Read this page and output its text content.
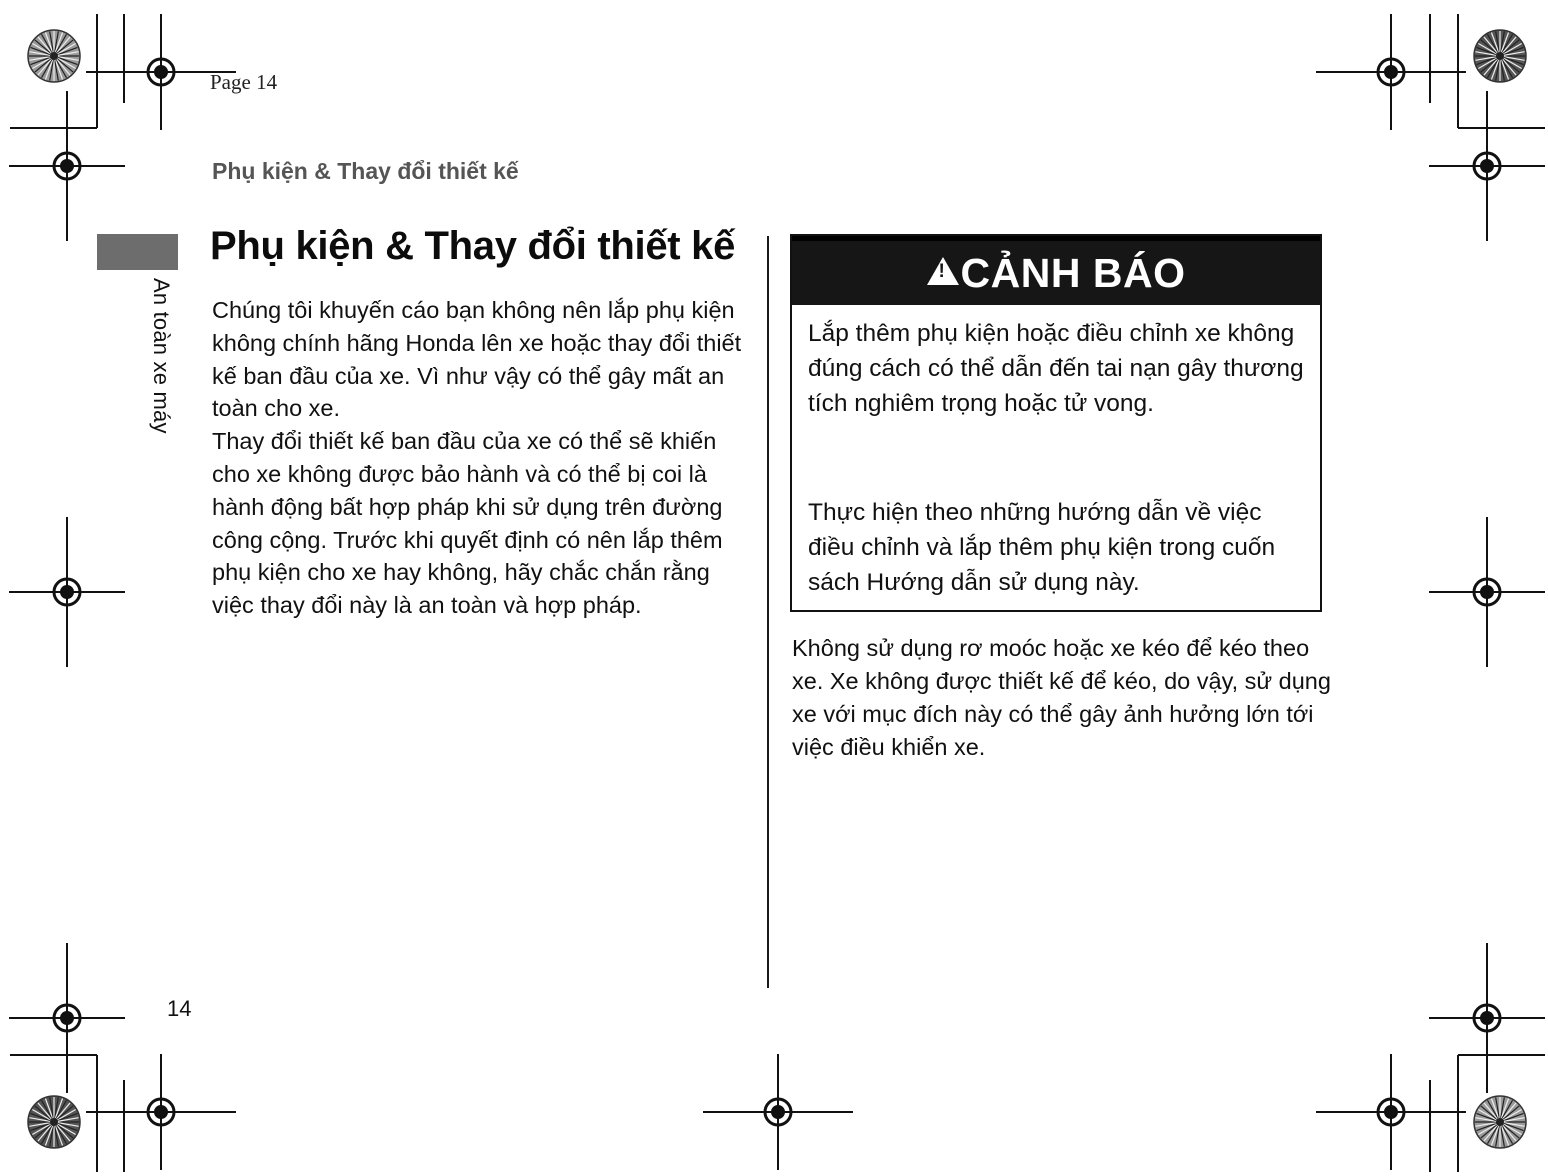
Page 14
Phụ kiện & Thay đổi thiết kế
An toàn xe máy
Phụ kiện & Thay đổi thiết kế

Chúng tôi khuyến cáo bạn không nên lắp phụ kiện không chính hãng Honda lên xe hoặc thay đổi thiết kế ban đầu của xe. Vì như vậy có thể gây mất an toàn cho xe.

Thay đổi thiết kế ban đầu của xe có thể sẽ khiến cho xe không được bảo hành và có thể bị coi là hành động bất hợp pháp khi sử dụng trên đường công cộng. Trước khi quyết định có nên lắp thêm phụ kiện cho xe hay không, hãy chắc chắn rằng việc thay đổi này là an toàn và hợp pháp.

!CẢNH BÁO
Lắp thêm phụ kiện hoặc điều chỉnh xe không đúng cách có thể dẫn đến tai nạn gây thương tích nghiêm trọng hoặc tử vong.
Thực hiện theo những hướng dẫn về việc điều chỉnh và lắp thêm phụ kiện trong cuốn sách Hướng dẫn sử dụng này.
Không sử dụng rơ moóc hoặc xe kéo để kéo theo xe. Xe không được thiết kế để kéo, do vậy, sử dụng xe với mục đích này có thể gây ảnh hưởng lớn tới việc điều khiển xe.
14
